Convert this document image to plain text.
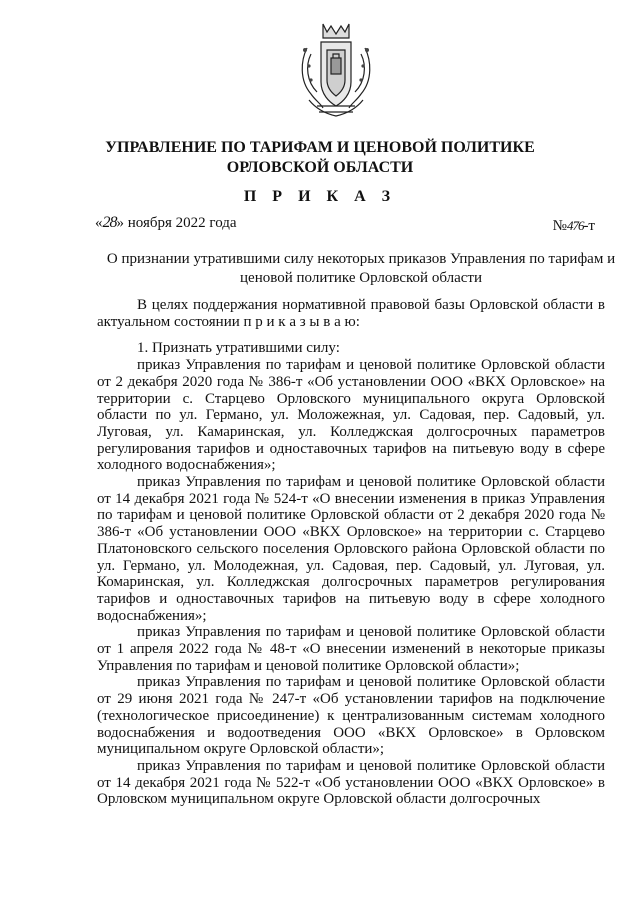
УПРАВЛЕНИЕ ПО ТАРИФАМ И ЦЕНОВОЙ ПОЛИТИКЕ
ОРЛОВСКОЙ ОБЛАСТИ
П Р И К А З
«28» ноября 2022 года	№476-т
О признании утратившими силу некоторых приказов Управления по тарифам и ценовой политике Орловской области

В целях поддержания нормативной правовой базы Орловской области в актуальном состоянии п р и к а з ы в а ю:

1. Признать утратившими силу:

приказ Управления по тарифам и ценовой политике Орловской области от 2 декабря 2020 года № 386-т «Об установлении ООО «ВКХ Орловское» на территории с. Старцево Орловского муниципального округа Орловской области по ул. Германо, ул. Моложежная, ул. Садовая, пер. Садовый, ул. Луговая, ул. Камаринская, ул. Колледжская долгосрочных параметров регулирования тарифов и одноставочных тарифов на питьевую воду в сфере холодного водоснабжения»;

приказ Управления по тарифам и ценовой политике Орловской области от 14 декабря 2021 года № 524-т «О внесении изменения в приказ Управления по тарифам и ценовой политике Орловской области от 2 декабря 2020 года № 386-т «Об установлении ООО «ВКХ Орловское» на территории с. Старцево Платоновского сельского поселения Орловского района Орловской области по ул. Германо, ул. Молодежная, ул. Садовая, пер. Садовый, ул. Луговая, ул. Комаринская, ул. Колледжская долгосрочных параметров регулирования тарифов и одноставочных тарифов на питьевую воду в сфере холодного водоснабжения»;

приказ Управления по тарифам и ценовой политике Орловской области от 1 апреля 2022 года № 48-т «О внесении изменений в некоторые приказы Управления по тарифам и ценовой политике Орловской области»;

приказ Управления по тарифам и ценовой политике Орловской области от 29 июня 2021 года № 247-т «Об установлении тарифов на подключение (технологическое присоединение) к централизованным системам холодного водоснабжения и водоотведения ООО «ВКХ Орловское» в Орловском муниципальном округе Орловской области»;

приказ Управления по тарифам и ценовой политике Орловской области от 14 декабря 2021 года № 522-т «Об установлении ООО «ВКХ Орловское» в Орловском муниципальном округе Орловской области долгосрочных
